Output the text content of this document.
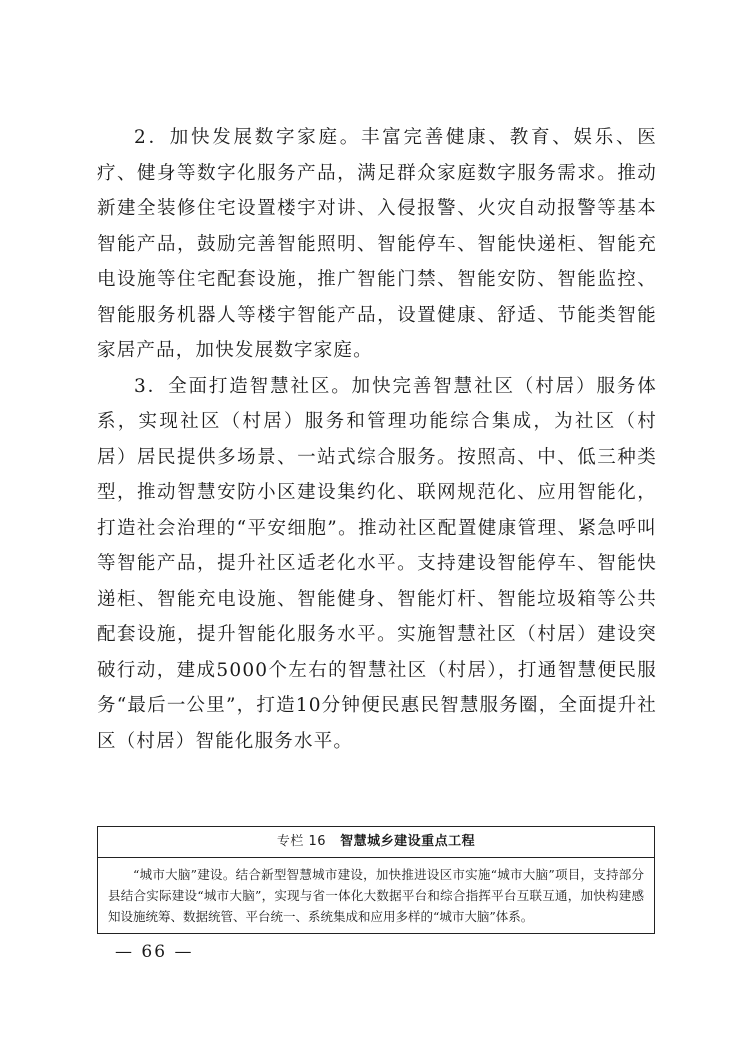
2．加快发展数字家庭。丰富完善健康、教育、娱乐、医疗、健身等数字化服务产品，满足群众家庭数字服务需求。推动新建全装修住宅设置楼宇对讲、入侵报警、火灾自动报警等基本智能产品，鼓励完善智能照明、智能停车、智能快递柜、智能充电设施等住宅配套设施，推广智能门禁、智能安防、智能监控、智能服务机器人等楼宇智能产品，设置健康、舒适、节能类智能家居产品，加快发展数字家庭。

3．全面打造智慧社区。加快完善智慧社区（村居）服务体系，实现社区（村居）服务和管理功能综合集成，为社区（村居）居民提供多场景、一站式综合服务。按照高、中、低三种类型，推动智慧安防小区建设集约化、联网规范化、应用智能化，打造社会治理的“平安细胞”。推动社区配置健康管理、紧急呼叫等智能产品，提升社区适老化水平。支持建设智能停车、智能快递柜、智能充电设施、智能健身、智能灯杆、智能垃圾箱等公共配套设施，提升智能化服务水平。实施智慧社区（村居）建设突破行动，建成5000个左右的智慧社区（村居），打通智慧便民服务“最后一公里”，打造10分钟便民惠民智慧服务圈，全面提升社区（村居）智能化服务水平。

专栏 16 智慧城乡建设重点工程
“城市大脑”建设。结合新型智慧城市建设，加快推进设区市实施“城市大脑”项目，支持部分县结合实际建设“城市大脑”，实现与省一体化大数据平台和综合指挥平台互联互通，加快构建感知设施统筹、数据统管、平台统一、系统集成和应用多样的“城市大脑”体系。
— 66 —
